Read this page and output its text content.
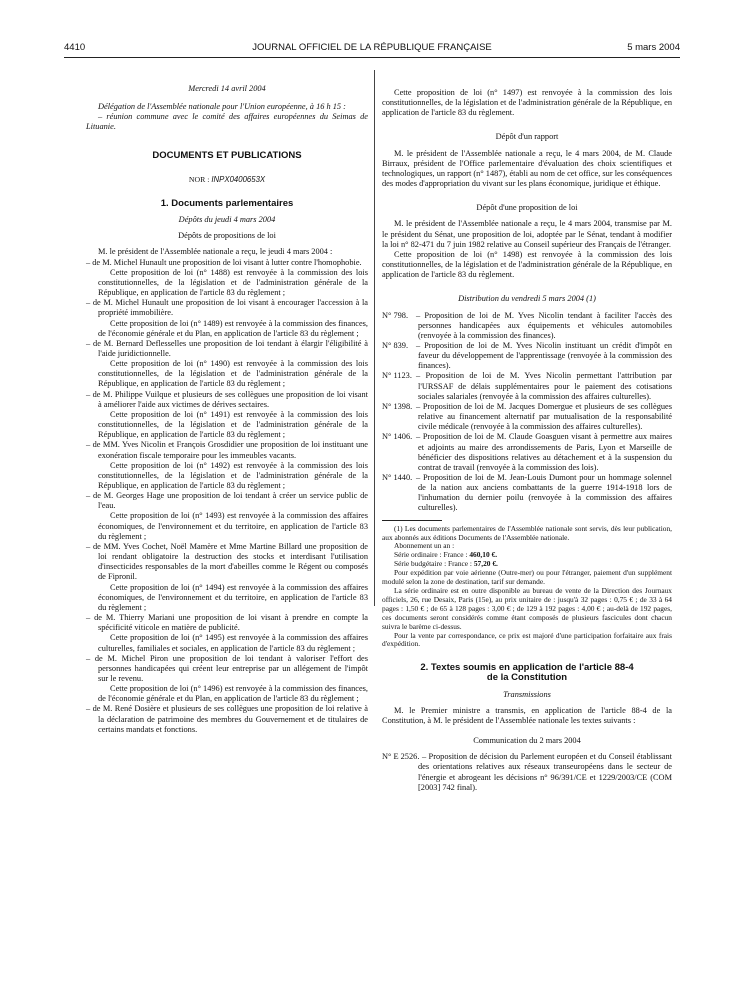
4410	JOURNAL OFFICIEL DE LA RÉPUBLIQUE FRANÇAISE	5 mars 2004

Mercredi 14 avril 2004

Délégation de l'Assemblée nationale pour l'Union européenne, à 16 h 15 :

– réunion commune avec le comité des affaires européennes du Seimas de Lituanie.

DOCUMENTS ET PUBLICATIONS

NOR : INPX0400653X

1. Documents parlementaires

Dépôts du jeudi 4 mars 2004

Dépôts de propositions de loi

M. le président de l'Assemblée nationale a reçu, le jeudi 4 mars 2004 :

– de M. Michel Hunault une proposition de loi visant à lutter contre l'homophobie.

Cette proposition de loi (n° 1488) est renvoyée à la commission des lois constitutionnelles, de la législation et de l'administration générale de la République, en application de l'article 83 du règlement ;

– de M. Michel Hunault une proposition de loi visant à encourager l'accession à la propriété immobilière.

Cette proposition de loi (n° 1489) est renvoyée à la commission des finances, de l'économie générale et du Plan, en application de l'article 83 du règlement ;

– de M. Bernard Deflesselles une proposition de loi tendant à élargir l'éligibilité à l'aide juridictionnelle.

Cette proposition de loi (n° 1490) est renvoyée à la commission des lois constitutionnelles, de la législation et de l'administration générale de la République, en application de l'article 83 du règlement ;

– de M. Philippe Vuilque et plusieurs de ses collègues une proposition de loi visant à améliorer l'aide aux victimes de dérives sectaires.

Cette proposition de loi (n° 1491) est renvoyée à la commission des lois constitutionnelles, de la législation et de l'administration générale de la République, en application de l'article 83 du règlement ;

– de MM. Yves Nicolin et François Grosdidier une proposition de loi instituant une exonération fiscale temporaire pour les immeubles vacants.

Cette proposition de loi (n° 1492) est renvoyée à la commission des lois constitutionnelles, de la législation et de l'administration générale de la République, en application de l'article 83 du règlement ;

– de M. Georges Hage une proposition de loi tendant à créer un service public de l'eau.

Cette proposition de loi (n° 1493) est renvoyée à la commission des affaires économiques, de l'environnement et du territoire, en application de l'article 83 du règlement ;

– de MM. Yves Cochet, Noël Mamère et Mme Martine Billard une proposition de loi rendant obligatoire la destruction des stocks et interdisant l'utilisation d'insecticides responsables de la mort d'abeilles comme le Régent ou composés de Fipronil.

Cette proposition de loi (n° 1494) est renvoyée à la commission des affaires économiques, de l'environnement et du territoire, en application de l'article 83 du règlement ;

– de M. Thierry Mariani une proposition de loi visant à prendre en compte la spécificité viticole en matière de publicité.

Cette proposition de loi (n° 1495) est renvoyée à la commission des affaires culturelles, familiales et sociales, en application de l'article 83 du règlement ;

– de M. Michel Piron une proposition de loi tendant à valoriser l'effort des personnes handicapées qui créent leur entreprise par un allégement de l'impôt sur le revenu.

Cette proposition de loi (n° 1496) est renvoyée à la commission des finances, de l'économie générale et du Plan, en application de l'article 83 du règlement ;

– de M. René Dosière et plusieurs de ses collègues une proposition de loi relative à la déclaration de patrimoine des membres du Gouvernement et de titulaires de certains mandats et fonctions.

Cette proposition de loi (n° 1497) est renvoyée à la commission des lois constitutionnelles, de la législation et de l'administration générale de la République, en application de l'article 83 du règlement.

Dépôt d'un rapport

M. le président de l'Assemblée nationale a reçu, le 4 mars 2004, de M. Claude Birraux, président de l'Office parlementaire d'évaluation des choix scientifiques et technologiques, un rapport (n° 1487), établi au nom de cet office, sur les conséquences des modes d'appropriation du vivant sur les plans économique, juridique et éthique.

Dépôt d'une proposition de loi

M. le président de l'Assemblée nationale a reçu, le 4 mars 2004, transmise par M. le président du Sénat, une proposition de loi, adoptée par le Sénat, tendant à modifier la loi n° 82-471 du 7 juin 1982 relative au Conseil supérieur des Français de l'étranger.

Cette proposition de loi (n° 1498) est renvoyée à la commission des lois constitutionnelles, de la législation et de l'administration générale de la République, en application de l'article 83 du règlement.

Distribution du vendredi 5 mars 2004 (1)

N° 798. – Proposition de loi de M. Yves Nicolin tendant à faciliter l'accès des personnes handicapées aux équipements et véhicules automobiles (renvoyée à la commission des finances).

N° 839. – Proposition de loi de M. Yves Nicolin instituant un crédit d'impôt en faveur du développement de l'apprentissage (renvoyée à la commission des finances).

N° 1123. – Proposition de loi de M. Yves Nicolin permettant l'attribution par l'URSSAF de délais supplémentaires pour le paiement des cotisations sociales salariales (renvoyée à la commission des affaires culturelles).

N° 1398. – Proposition de loi de M. Jacques Domergue et plusieurs de ses collègues relative au financement alternatif par mutualisation de la responsabilité civile médicale (renvoyée à la commission des affaires culturelles).

N° 1406. – Proposition de loi de M. Claude Goasguen visant à permettre aux maires et adjoints au maire des arrondissements de Paris, Lyon et Marseille de bénéficier des dispositions relatives au détachement et à la suspension du contrat de travail (renvoyée à la commission des lois).

N° 1440. – Proposition de loi de M. Jean-Louis Dumont pour un hommage solennel de la nation aux anciens combattants de la guerre 1914-1918 lors de l'inhumation du dernier poilu (renvoyée à la commission des affaires culturelles).

(1) Les documents parlementaires de l'Assemblée nationale sont servis, dès leur publication, aux abonnés aux éditions Documents de l'Assemblée nationale.

Abonnement un an :

Série ordinaire : France : 460,10 €.

Série budgétaire : France : 57,20 €.

Pour expédition par voie aérienne (Outre-mer) ou pour l'étranger, paiement d'un supplément modulé selon la zone de destination, tarif sur demande.

La série ordinaire est en outre disponible au bureau de vente de la Direction des Journaux officiels, 26, rue Desaix, Paris (15e), au prix unitaire de : jusqu'à 32 pages : 0,75 € ; de 33 à 64 pages : 1,50 € ; de 65 à 128 pages : 3,00 € ; de 129 à 192 pages : 4,00 € ; au-delà de 192 pages, ces documents seront considérés comme étant composés de plusieurs fascicules dont chacun suivra le barème ci-dessus.

Pour la vente par correspondance, ce prix est majoré d'une participation forfaitaire aux frais d'expédition.

2. Textes soumis en application de l'article 88-4

de la Constitution

Transmissions

M. le Premier ministre a transmis, en application de l'article 88-4 de la Constitution, à M. le président de l'Assemblée nationale les textes suivants :

Communication du 2 mars 2004

N° E 2526. – Proposition de décision du Parlement européen et du Conseil établissant des orientations relatives aux réseaux transeuropéens dans le secteur de l'énergie et abrogeant les décisions n° 96/391/CE et 1229/2003/CE (COM [2003] 742 final).
